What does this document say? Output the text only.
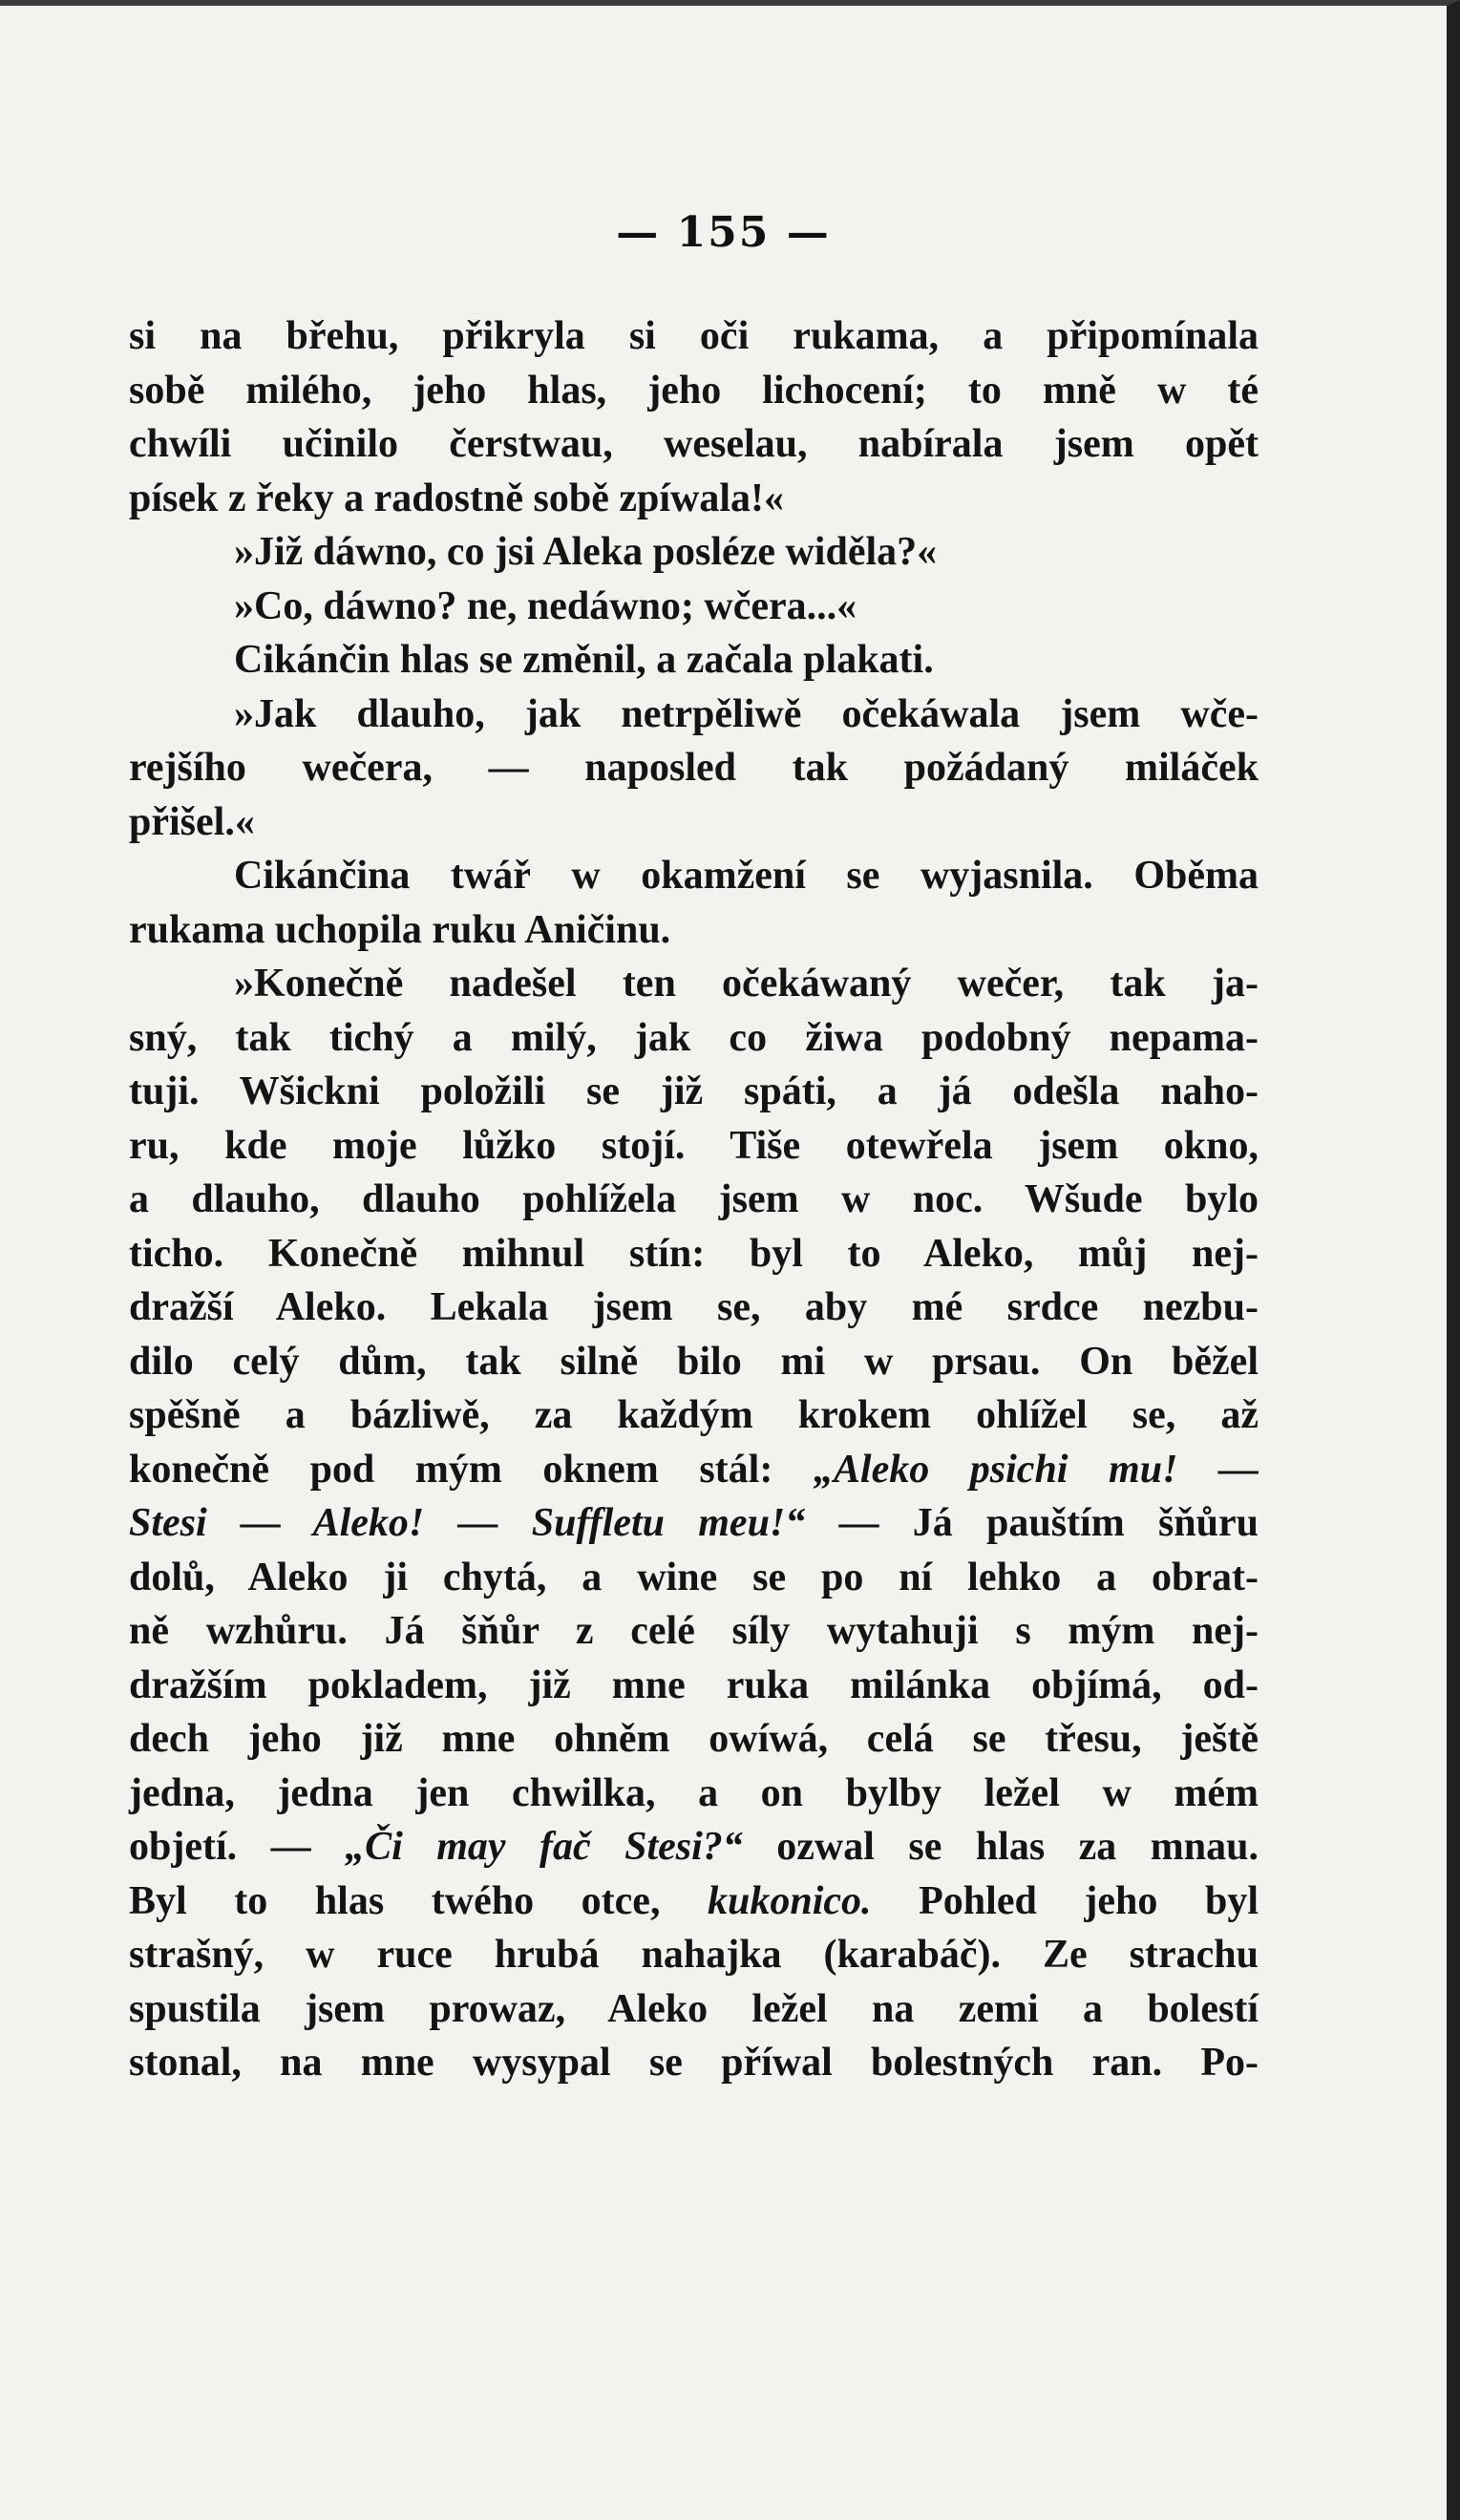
— 155 —
si na břehu, přikryla si oči rukama, a připomínala
sobě milého, jeho hlas, jeho lichocení; to mně w té
chwíli učinilo čerstwau, weselau, nabírala jsem opět
písek z řeky a radostně sobě zpíwala!«
»Již dáwno, co jsi Aleka posléze widěla?«
»Co, dáwno? ne, nedáwno; wčera...«
Cikánčin hlas se změnil, a začala plakati.
»Jak dlauho, jak netrpěliwě očekáwala jsem wče-
rejšího wečera, — naposled tak požádaný miláček
přišel.«
Cikánčina twář w okamžení se wyjasnila. Oběma
rukama uchopila ruku Aničinu.
»Konečně nadešel ten očekáwaný wečer, tak ja-
sný, tak tichý a milý, jak co žiwa podobný nepama-
tuji. Wšickni položili se již spáti, a já odešla naho-
ru, kde moje lůžko stojí. Tiše otewřela jsem okno,
a dlauho, dlauho pohlížela jsem w noc. Wšude bylo
ticho. Konečně mihnul stín: byl to Aleko, můj nej-
dražší Aleko. Lekala jsem se, aby mé srdce nezbu-
dilo celý dům, tak silně bilo mi w prsau. On běžel
spěšně a bázliwě, za každým krokem ohlížel se, až
konečně pod mým oknem stál: „Aleko psichi mu! —
Stesi — Aleko! — Suffletu meu!“ — Já pauštím šňůru
dolů, Aleko ji chytá, a wine se po ní lehko a obrat-
ně wzhůru. Já šňůr z celé síly wytahuji s mým nej-
dražším pokladem, již mne ruka milánka objímá, od-
dech jeho již mne ohněm owíwá, celá se třesu, ještě
jedna, jedna jen chwilka, a on bylby ležel w mém
objetí. — „Či may fač Stesi?“ ozwal se hlas za mnau.
Byl to hlas twého otce, kukonico. Pohled jeho byl
strašný, w ruce hrubá nahajka (karabáč). Ze strachu
spustila jsem prowaz, Aleko ležel na zemi a bolestí
stonal, na mne wysypal se příwal bolestných ran. Po-
